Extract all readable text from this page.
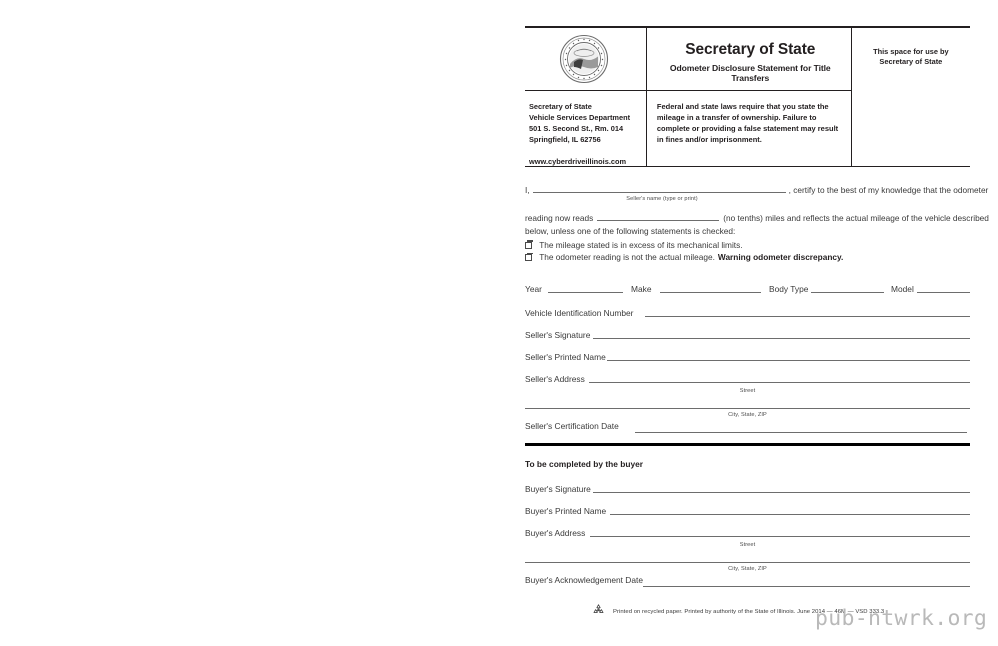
Secretary of State
Odometer Disclosure Statement for Title Transfers

This space for use by
Secretary of State

Secretary of State
Vehicle Services Department
501 S. Second St., Rm. 014
Springfield, IL 62756
www.cyberdriveillinois.com	Federal and state laws require that you state the mileage in a transfer of ownership. Failure to complete or providing a false statement may result in fines and/or imprisonment.	
I,	, certify to the best of my knowledge that the odometer
Seller's name (type or print)
reading now reads	(no tenths) miles and reflects the actual mileage of the vehicle described
below, unless one of the following statements is checked:
The mileage stated is in excess of its mechanical limits.
The odometer reading is not the actual mileage. Warning odometer discrepancy.
Year	Make	Body Type	Model
Vehicle Identification Number
Seller's Signature
Seller's Printed Name
Seller's Address
Street
City, State, ZIP
Seller's Certification Date
To be completed by the buyer
Buyer's Signature
Buyer's Printed Name
Buyer's Address
Street
City, State, ZIP
Buyer's Acknowledgement Date
Printed on recycled paper. Printed by authority of the State of Illinois. June 2014 — 46M — VSD 333.3
pub-ntwrk.org
